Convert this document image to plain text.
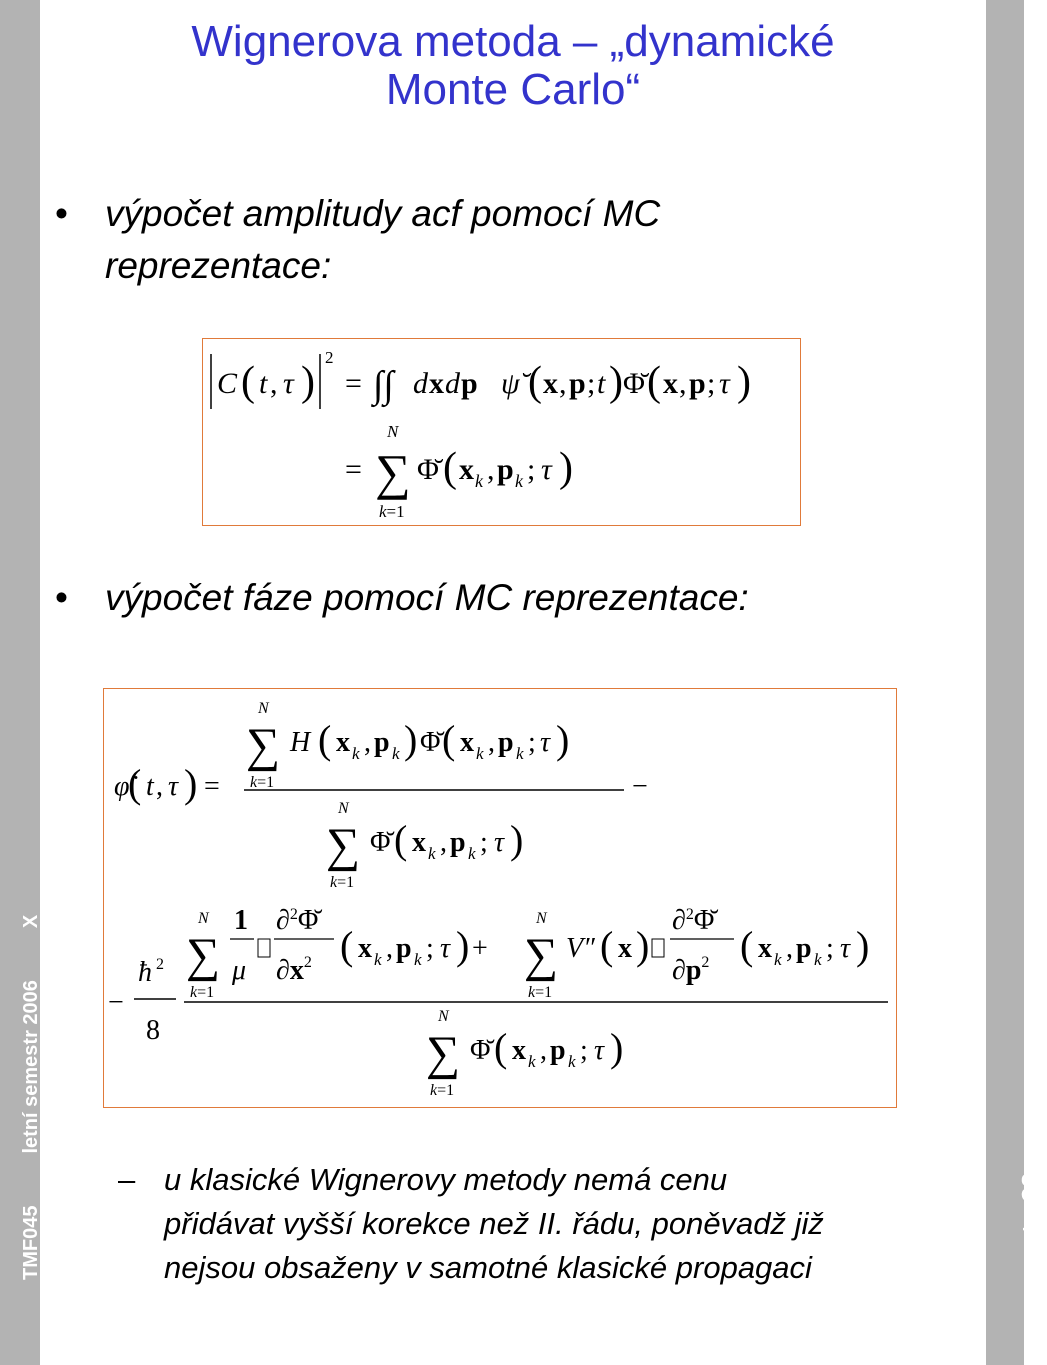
TMF045letní semestr 2006X
str. 32
Wignerova metoda – „dynamické
Monte Carlo“
• výpočet amplitudy acf pomocí MC
reprezentace:
C ( t , τ )
2
= ∫∫ d x d p ψ̆ ( x , p ; t ) Φ̆ ( x , p ; τ )
=
N
∑
k=1
Φ̆ ( x k , p k ; τ )
• výpočet fáze pomocí MC reprezentace:
φ̇
( t , τ ) =
N
∑
k=1
H ( x k , p k ) Φ̆ ( x k , p k ; τ )
−
N
∑
k=1
Φ̆ ( x k , p k ; τ )
−
ħ 2
8
N
∑
k=1
1
μ
∂$^2$Φ̆
$\partial x^2$ ( x k , p k ; τ ) +
N
∑
k=1
V″ ( x )
∂$^2$Φ̆
$\partial p^2$ ( x k , p k ; τ )
N
∑
k=1
Φ̆ ( x k , p k ; τ )
– u klasické Wignerovy metody nemá cenu
přidávat vyšší korekce než II. řádu, poněvadž již
nejsou obsaženy v samotné klasické propagaci
